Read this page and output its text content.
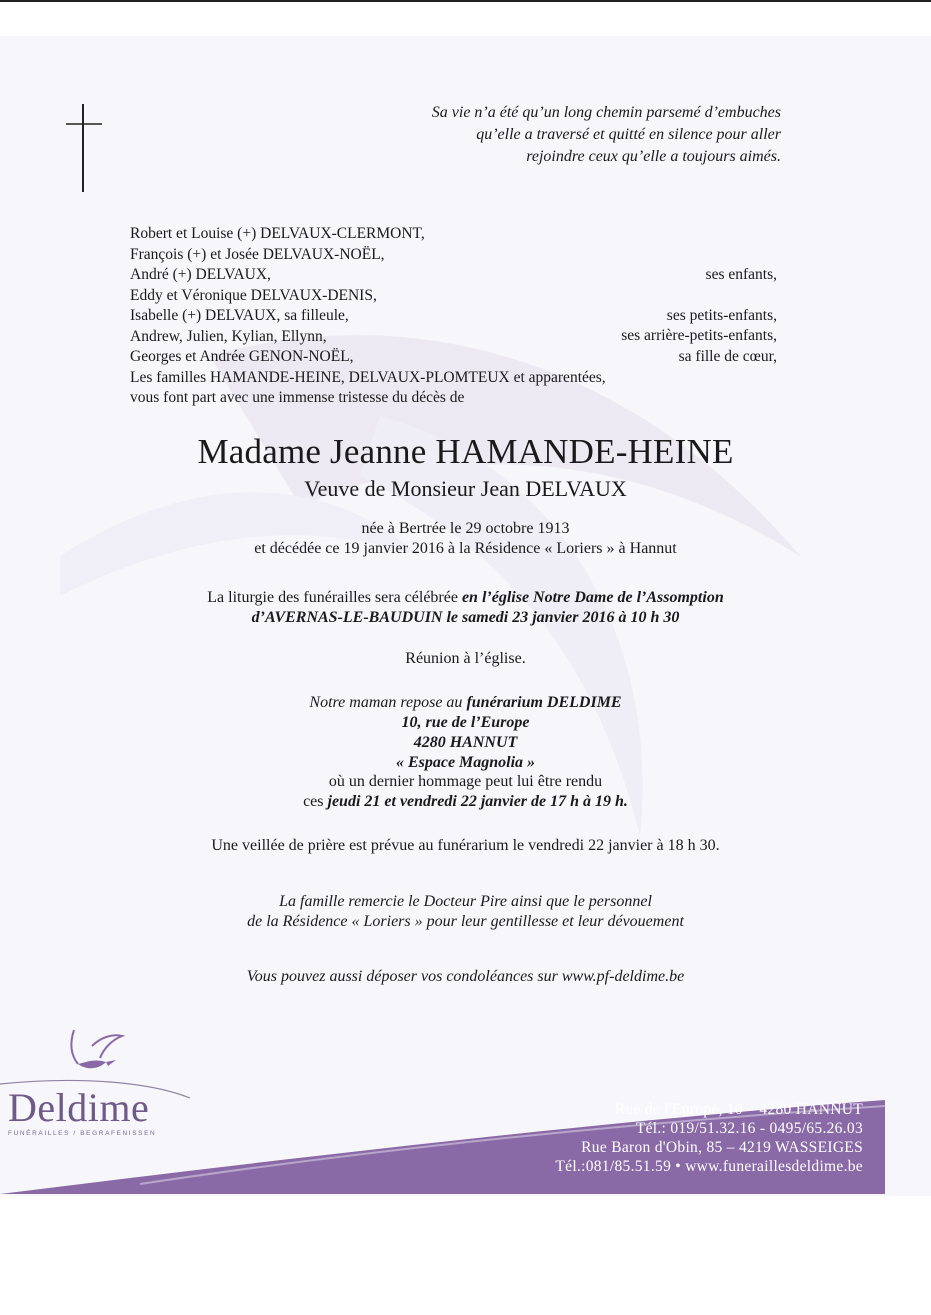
Sa vie n’a été qu’un long chemin parsemé d’embuches
qu’elle a traversé et quitté en silence pour aller
rejoindre ceux qu’elle a toujours aimés.
Robert et Louise (+) DELVAUX-CLERMONT,
François (+) et Josée DELVAUX-NOËL,
André (+) DELVAUX,
Eddy et Véronique DELVAUX-DENIS,
Isabelle (+) DELVAUX, sa filleule,
Andrew, Julien, Kylian, Ellynn,
Georges et Andrée GENON-NOËL,
Les familles HAMANDE-HEINE, DELVAUX-PLOMTEUX et apparentées,
vous font part avec une immense tristesse du décès de
ses enfants,
ses petits-enfants,
ses arrière-petits-enfants,
sa fille de cœur,
Madame Jeanne HAMANDE-HEINE
Veuve de Monsieur Jean DELVAUX
née à Bertrée le 29 octobre 1913
et décédée ce 19 janvier 2016 à la Résidence « Loriers » à Hannut
La liturgie des funérailles sera célébrée en l’église Notre Dame de l’Assomption
d’AVERNAS-LE-BAUDUIN le samedi 23 janvier 2016 à 10 h 30
Réunion à l’église.
Notre maman repose au funérarium DELDIME
10, rue de l’Europe
4280 HANNUT
« Espace Magnolia »
où un dernier hommage peut lui être rendu
ces jeudi 21 et vendredi 22 janvier de 17 h à 19 h.
Une veillée de prière est prévue au funérarium le vendredi 22 janvier à 18 h 30.
La famille remercie le Docteur Pire ainsi que le personnel
de la Résidence « Loriers » pour leur gentillesse et leur dévouement
Vous pouvez aussi déposer vos condoléances sur www.pf-deldime.be
Rue de l'Europe, 10 – 4280 HANNUT
Tél.: 019/51.32.16 - 0495/65.26.03
Rue Baron d'Obin, 85 – 4219 WASSEIGES
Tél.:081/85.51.59 • www.funeraillesdeldime.be
Deldime
FUNÉRAILLES / BEGRAFENISSEN
